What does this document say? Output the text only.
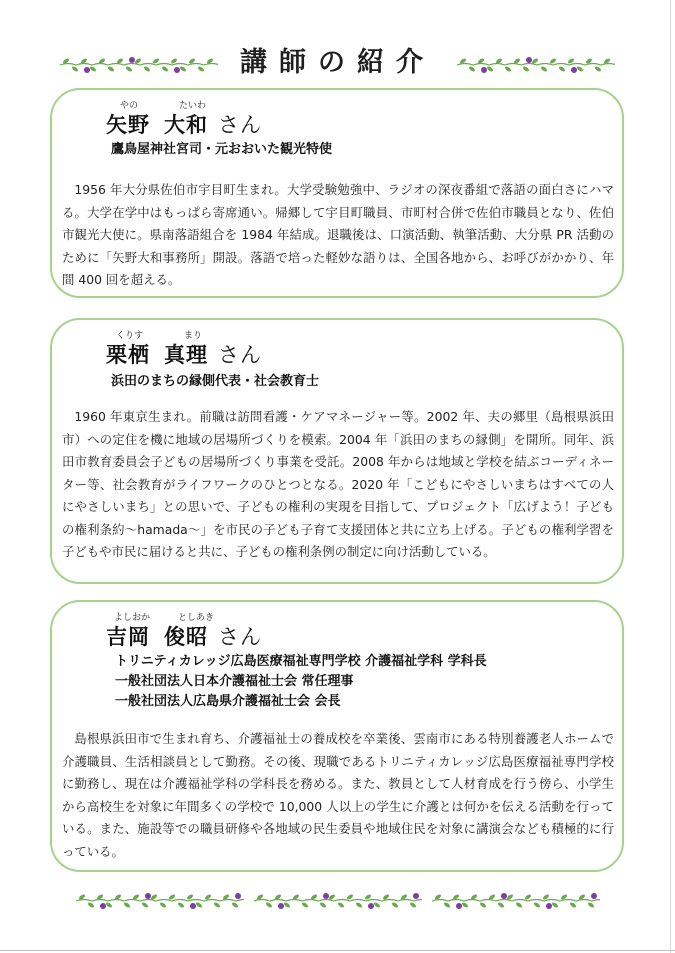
講師の紹介
やの	たいわ
矢野 大和 さん
鷹鳥屋神社宮司・元おおいた観光特使
1956 年大分県佐伯市宇目町生まれ。大学受験勉強中、ラジオの深夜番組で落語の面白さにハマる。大学在学中はもっぱら寄席通い。帰郷して宇目町職員、市町村合併で佐伯市職員となり、佐伯市観光大使に。県南落語組合を 1984 年結成。退職後は、口演活動、執筆活動、大分県 PR 活動のために「矢野大和事務所」開設。落語で培った軽妙な語りは、全国各地から、お呼びがかかり、年間 400 回を超える。
くりす	まり
栗栖 真理 さん
浜田のまちの縁側代表・社会教育士
1960 年東京生まれ。前職は訪問看護・ケアマネージャー等。2002 年、夫の郷里（島根県浜田市）への定住を機に地域の居場所づくりを模索。2004 年「浜田のまちの縁側」を開所。同年、浜田市教育委員会子どもの居場所づくり事業を受託。2008 年からは地域と学校を結ぶコーディネーター等、社会教育がライフワークのひとつとなる。2020 年「こどもにやさしいまちはすべての人にやさしいまち」との思いで、子どもの権利の実現を目指して、プロジェクト「広げよう！子どもの権利条約〜hamada〜」を市民の子ども子育て支援団体と共に立ち上げる。子どもの権利学習を子どもや市民に届けると共に、子どもの権利条例の制定に向け活動している。
よしおか	としあき
吉岡 俊昭 さん
トリニティカレッジ広島医療福祉専門学校 介護福祉学科 学科長
一般社団法人日本介護福祉士会 常任理事
一般社団法人広島県介護福祉士会 会長
島根県浜田市で生まれ育ち、介護福祉士の養成校を卒業後、雲南市にある特別養護老人ホームで介護職員、生活相談員として勤務。その後、現職であるトリニティカレッジ広島医療福祉専門学校に勤務し、現在は介護福祉学科の学科長を務める。また、教員として人材育成を行う傍ら、小学生から高校生を対象に年間多くの学校で 10,000 人以上の学生に介護とは何かを伝える活動を行っている。また、施設等での職員研修や各地域の民生委員や地域住民を対象に講演会なども積極的に行っている。
